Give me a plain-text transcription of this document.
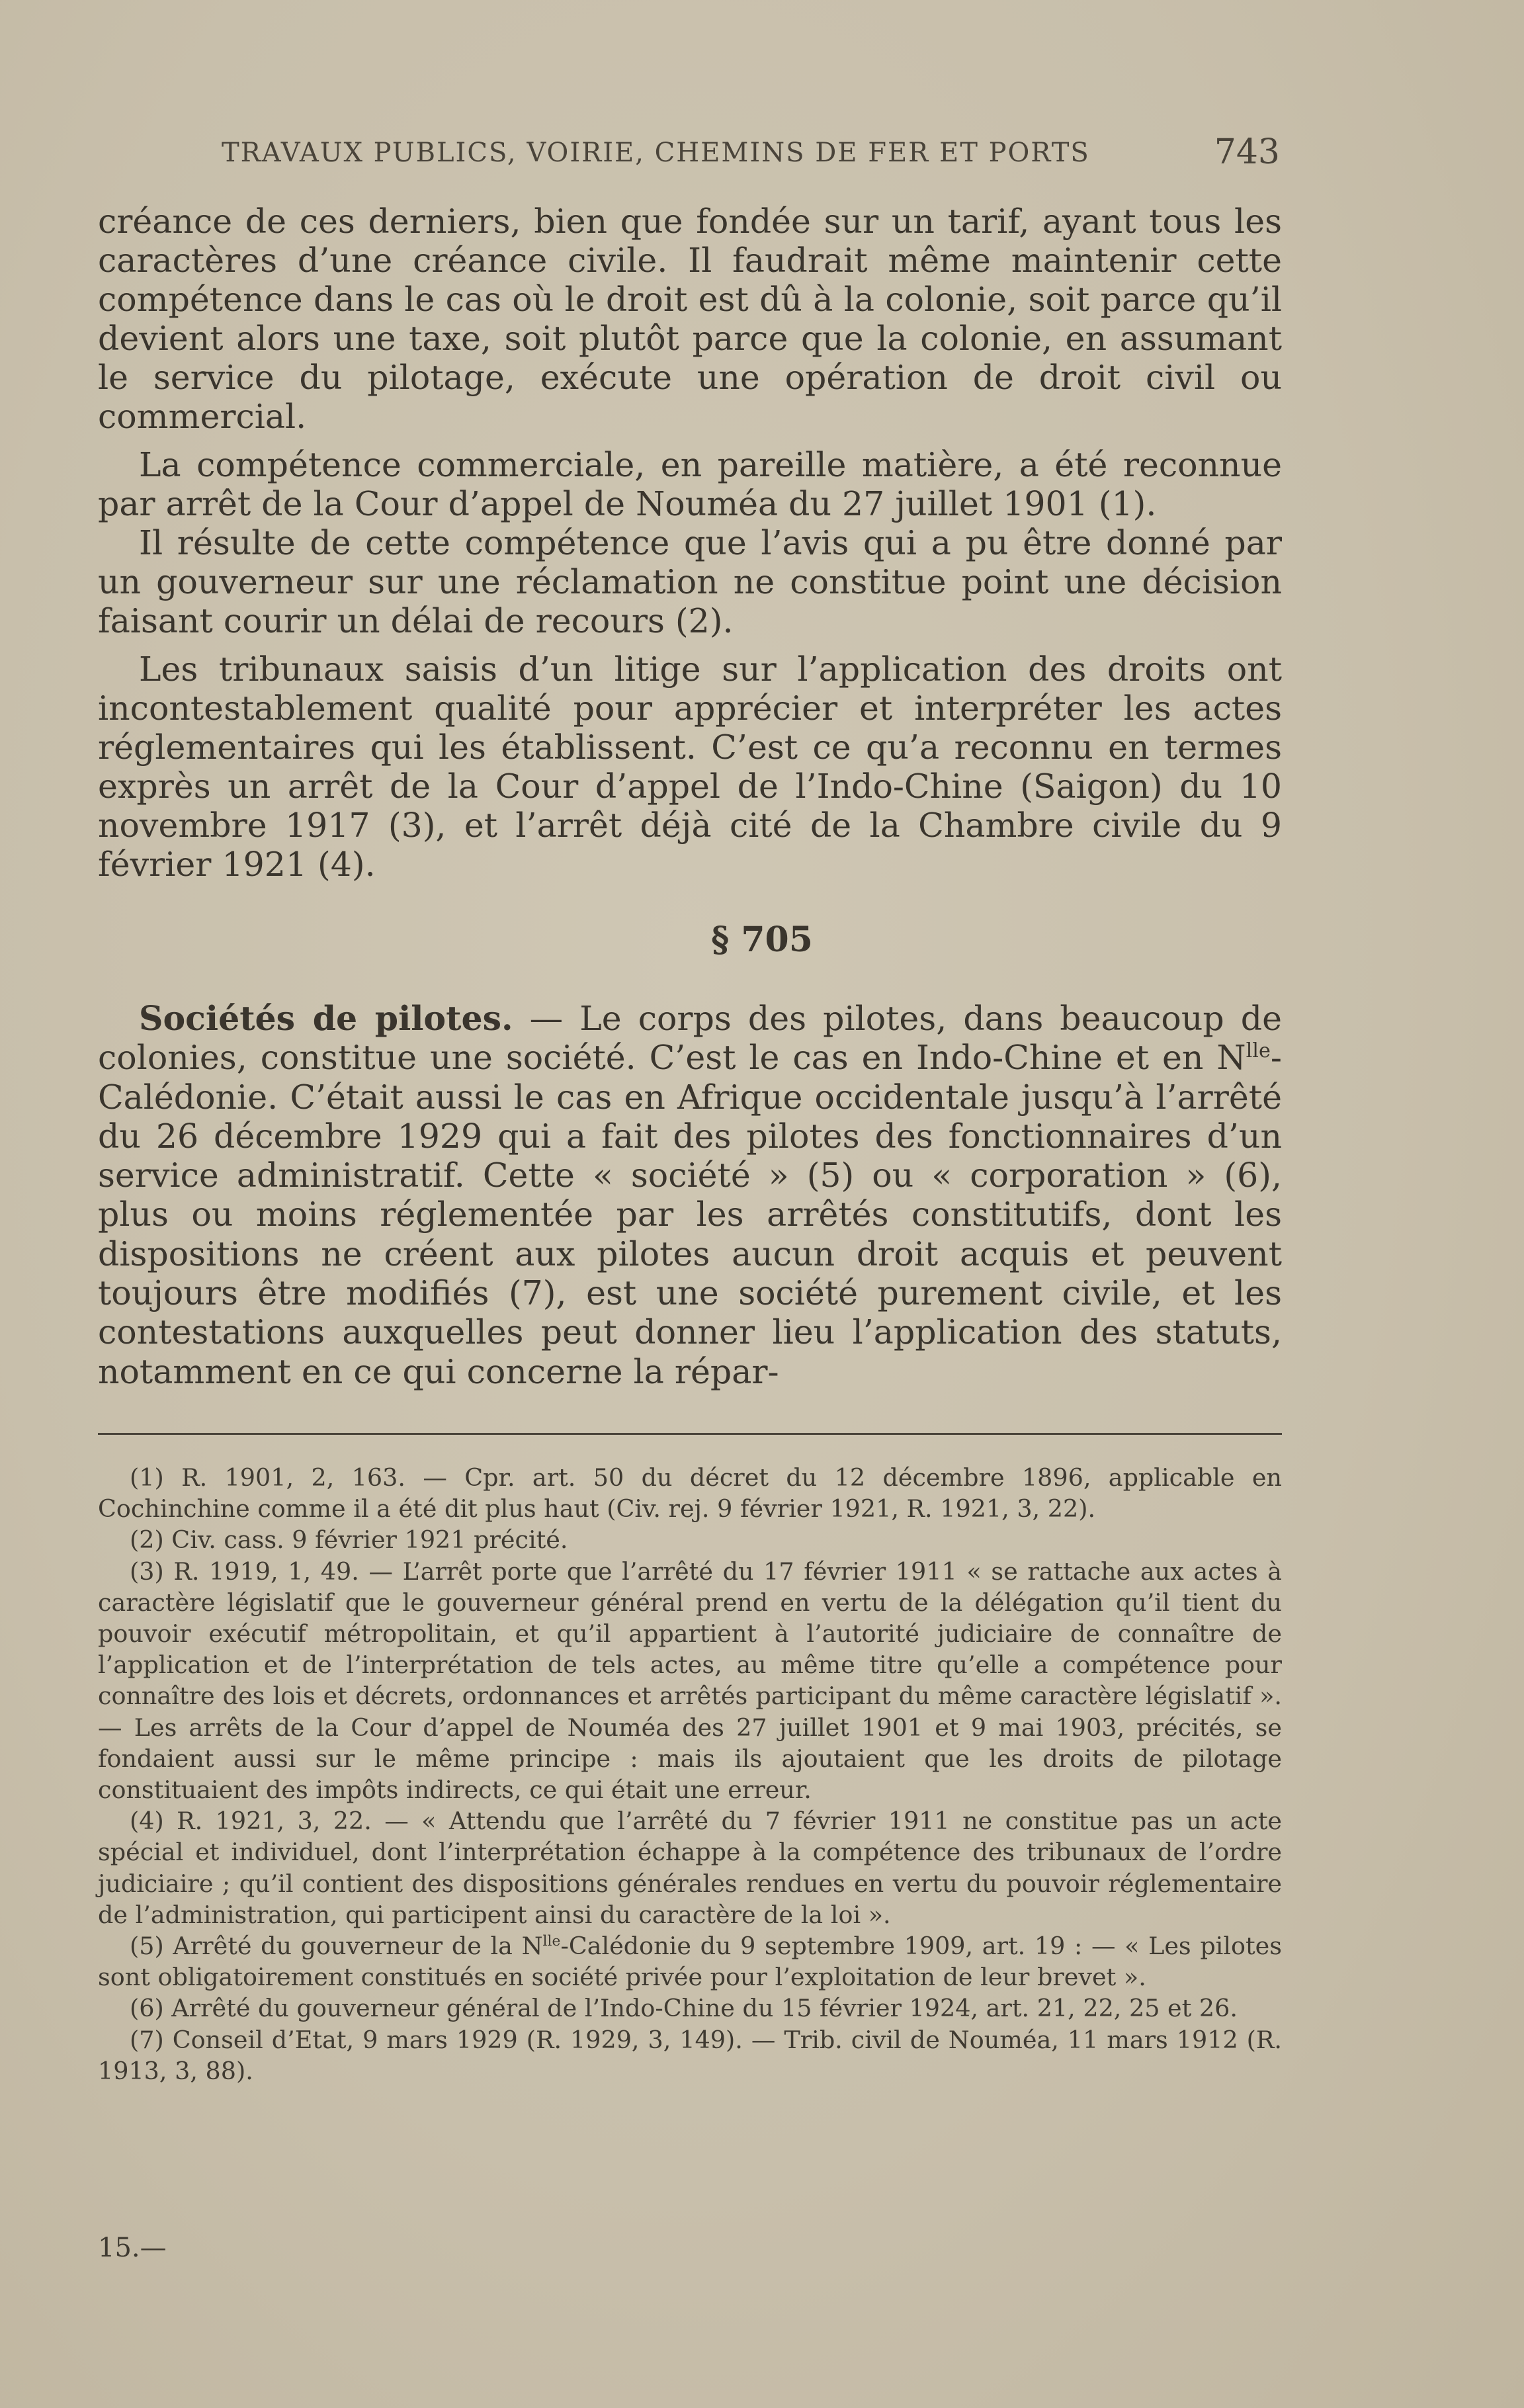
TRAVAUX PUBLICS, VOIRIE, CHEMINS DE FER ET PORTS	743

créance de ces derniers, bien que fondée sur un tarif, ayant tous les caractères d’une créance civile. Il faudrait même maintenir cette compétence dans le cas où le droit est dû à la colonie, soit parce qu’il devient alors une taxe, soit plutôt parce que la colonie, en assumant le service du pilotage, exécute une opération de droit civil ou commercial.

La compétence commerciale, en pareille matière, a été reconnue par arrêt de la Cour d’appel de Nouméa du 27 juillet 1901 (1).

Il résulte de cette compétence que l’avis qui a pu être donné par un gouverneur sur une réclamation ne constitue point une décision faisant courir un délai de recours (2).

Les tribunaux saisis d’un litige sur l’application des droits ont incontestablement qualité pour apprécier et interpréter les actes réglementaires qui les établissent. C’est ce qu’a reconnu en termes exprès un arrêt de la Cour d’appel de l’Indo-Chine (Saigon) du 10 novembre 1917 (3), et l’arrêt déjà cité de la Chambre civile du 9 février 1921 (4).

§ 705

Sociétés de pilotes. — Le corps des pilotes, dans beaucoup de colonies, constitue une société. C’est le cas en Indo-Chine et en $N^{lle}$-Calédonie. C’était aussi le cas en Afrique occidentale jusqu’à l’arrêté du 26 décembre 1929 qui a fait des pilotes des fonctionnaires d’un service administratif. Cette « société » (5) ou « corporation » (6), plus ou moins réglementée par les arrêtés constitutifs, dont les dispositions ne créent aux pilotes aucun droit acquis et peuvent toujours être modifiés (7), est une société purement civile, et les contestations auxquelles peut donner lieu l’application des statuts, notamment en ce qui concerne la répar-

(1) R. 1901, 2, 163. — Cpr. art. 50 du décret du 12 décembre 1896, applicable en Cochinchine comme il a été dit plus haut (Civ. rej. 9 février 1921, R. 1921, 3, 22).

(2) Civ. cass. 9 février 1921 précité.

(3) R. 1919, 1, 49. — L’arrêt porte que l’arrêté du 17 février 1911 « se rattache aux actes à caractère législatif que le gouverneur général prend en vertu de la délégation qu’il tient du pouvoir exécutif métropolitain, et qu’il appartient à l’autorité judiciaire de connaître de l’application et de l’interprétation de tels actes, au même titre qu’elle a compétence pour connaître des lois et décrets, ordonnances et arrêtés participant du même caractère législatif ». — Les arrêts de la Cour d’appel de Nouméa des 27 juillet 1901 et 9 mai 1903, précités, se fondaient aussi sur le même principe : mais ils ajoutaient que les droits de pilotage constituaient des impôts indirects, ce qui était une erreur.

(4) R. 1921, 3, 22. — « Attendu que l’arrêté du 7 février 1911 ne constitue pas un acte spécial et individuel, dont l’interprétation échappe à la compétence des tribunaux de l’ordre judiciaire ; qu’il contient des dispositions générales rendues en vertu du pouvoir réglementaire de l’administration, qui participent ainsi du caractère de la loi ».

(5) Arrêté du gouverneur de la $N^{lle}$-Calédonie du 9 septembre 1909, art. 19 : — « Les pilotes sont obligatoirement constitués en société privée pour l’exploitation de leur brevet ».

(6) Arrêté du gouverneur général de l’Indo-Chine du 15 février 1924, art. 21, 22, 25 et 26.

(7) Conseil d’Etat, 9 mars 1929 (R. 1929, 3, 149). — Trib. civil de Nouméa, 11 mars 1912 (R. 1913, 3, 88).

15.—
